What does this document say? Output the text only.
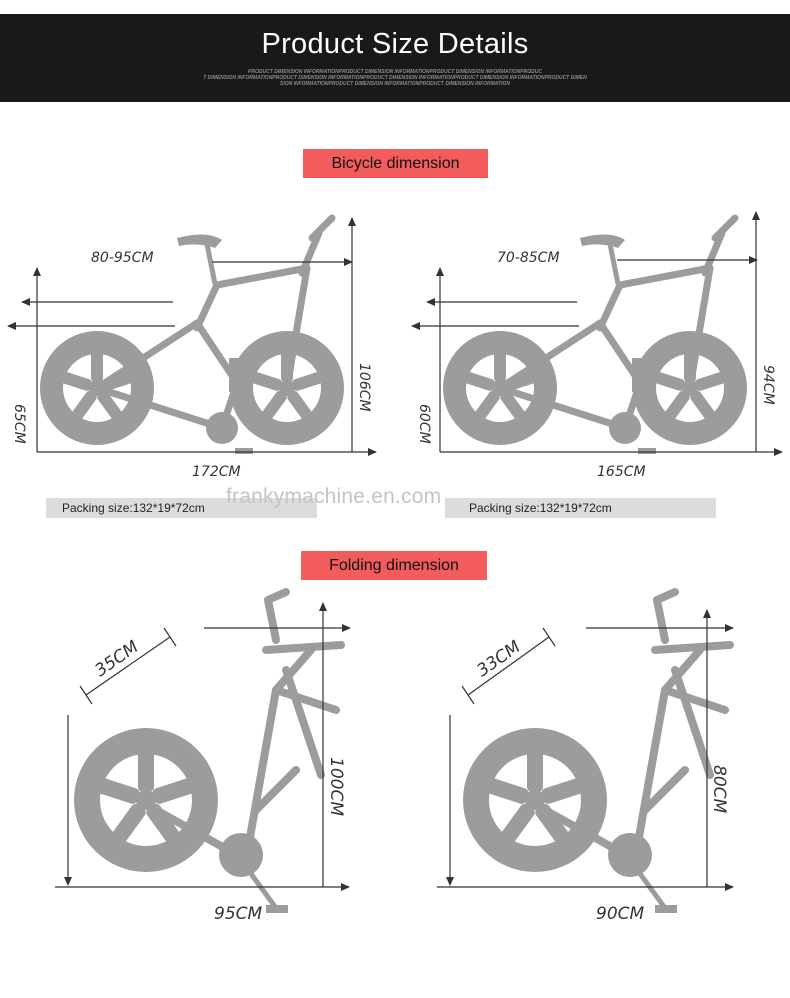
Product Size Details
PRODUCT DIMENSION INFORMATIONPRODUCT DIMENSION INFORMATIONPRODUCT DIMENSION INFORMATIONPRODUC
T DIMENSION INFORMATIONPRODUCT DIMENSION INFORMATIONPRODUCT DIMENSION INFORMATIONPRODUCT DIMENSION INFORMATIONPRODUCT DIMEN
SION INFORMATIONPRODUCT DIMENSION INFORMATIONPRODUCT DIMENSION INFORMATION
Bicycle dimension
Folding dimension
Packing size:132*19*72cm	Packing size:132*19*72cm
80-95CM
172CM
106CM
65CM
70-85CM
165CM
94CM
60CM
35CM
95CM
100CM
33CM
90CM
80CM
frankymachine.en.com
